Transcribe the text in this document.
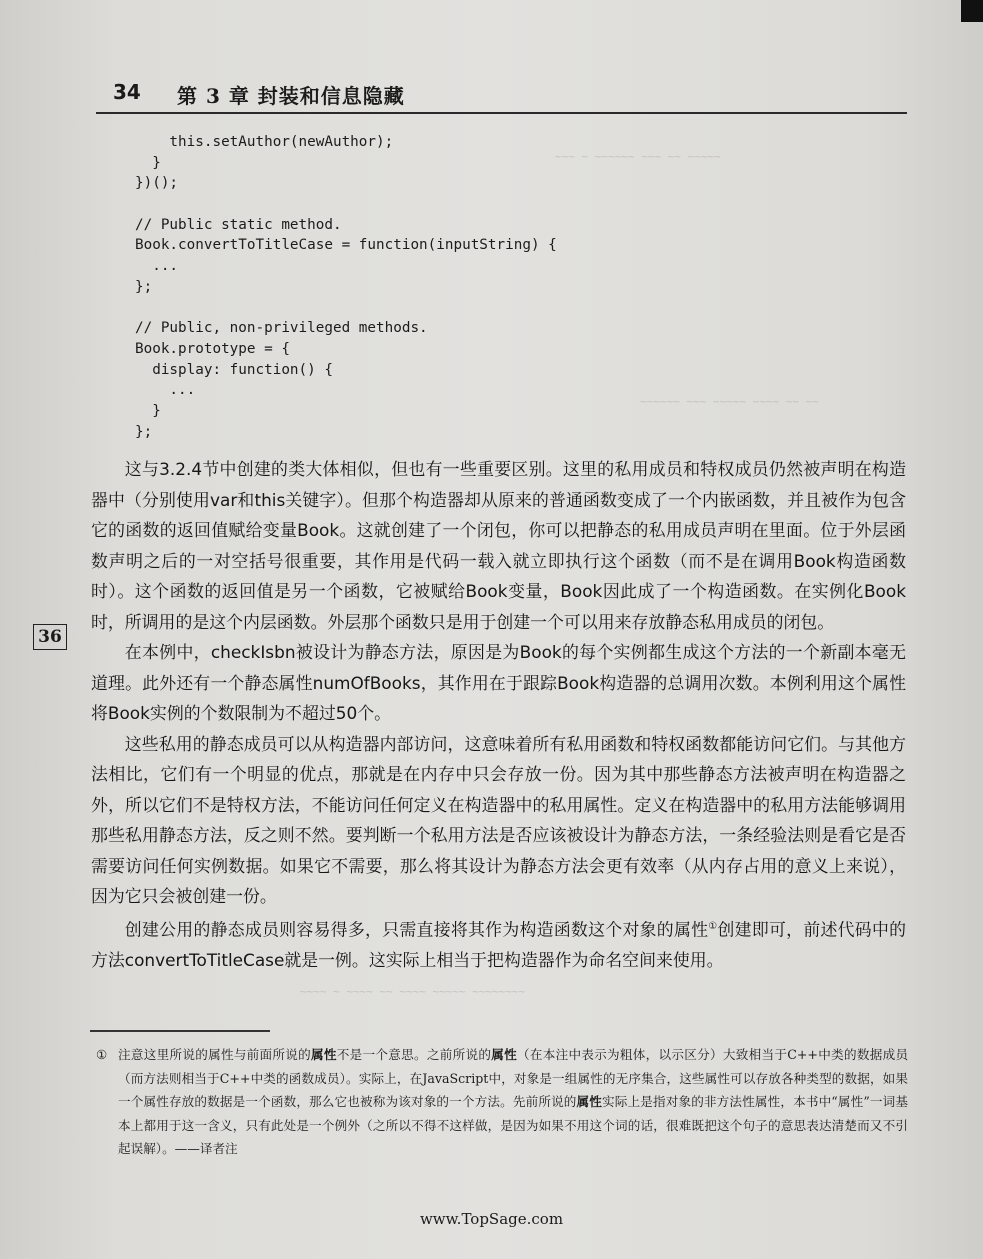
~~~ ~ ~~~~~~ ~~~ ~~ ~~~~~
~~~~~~ ~~~ ~~~~~ ~~~~ ~~ ~~
~~~~ ~ ~~~~ ~~ ~~~~ ~~~~~ ~~~~~~~~
34 第 3 章 封装和信息隐藏
this.setAuthor(newAuthor);
}
})();
// Public static method.
Book.convertToTitleCase = function(inputString) {
...
};
// Public, non-privileged methods.
Book.prototype = {
display: function() {
...
}
};
36

这与3.2.4节中创建的类大体相似，但也有一些重要区别。这里的私用成员和特权成员仍然被声明在构造器中（分别使用var和this关键字）。但那个构造器却从原来的普通函数变成了一个内嵌函数，并且被作为包含它的函数的返回值赋给变量Book。这就创建了一个闭包，你可以把静态的私用成员声明在里面。位于外层函数声明之后的一对空括号很重要，其作用是代码一载入就立即执行这个函数（而不是在调用Book构造函数时）。这个函数的返回值是另一个函数，它被赋给Book变量，Book因此成了一个构造函数。在实例化Book时，所调用的是这个内层函数。外层那个函数只是用于创建一个可以用来存放静态私用成员的闭包。

在本例中，checkIsbn被设计为静态方法，原因是为Book的每个实例都生成这个方法的一个新副本毫无道理。此外还有一个静态属性numOfBooks，其作用在于跟踪Book构造器的总调用次数。本例利用这个属性将Book实例的个数限制为不超过50个。

这些私用的静态成员可以从构造器内部访问，这意味着所有私用函数和特权函数都能访问它们。与其他方法相比，它们有一个明显的优点，那就是在内存中只会存放一份。因为其中那些静态方法被声明在构造器之外，所以它们不是特权方法，不能访问任何定义在构造器中的私用属性。定义在构造器中的私用方法能够调用那些私用静态方法，反之则不然。要判断一个私用方法是否应该被设计为静态方法，一条经验法则是看它是否需要访问任何实例数据。如果它不需要，那么将其设计为静态方法会更有效率（从内存占用的意义上来说），因为它只会被创建一份。

创建公用的静态成员则容易得多，只需直接将其作为构造函数这个对象的属性①创建即可，前述代码中的方法convertToTitleCase就是一例。这实际上相当于把构造器作为命名空间来使用。

① 注意这里所说的属性与前面所说的属性不是一个意思。之前所说的属性（在本注中表示为粗体，以示区分）大致相当于C++中类的数据成员（而方法则相当于C++中类的函数成员）。实际上，在JavaScript中，对象是一组属性的无序集合，这些属性可以存放各种类型的数据，如果一个属性存放的数据是一个函数，那么它也被称为该对象的一个方法。先前所说的属性实际上是指对象的非方法性属性，本书中“属性”一词基本上都用于这一含义，只有此处是一个例外（之所以不得不这样做，是因为如果不用这个词的话，很难既把这个句子的意思表达清楚而又不引起误解）。——译者注
www.TopSage.com
